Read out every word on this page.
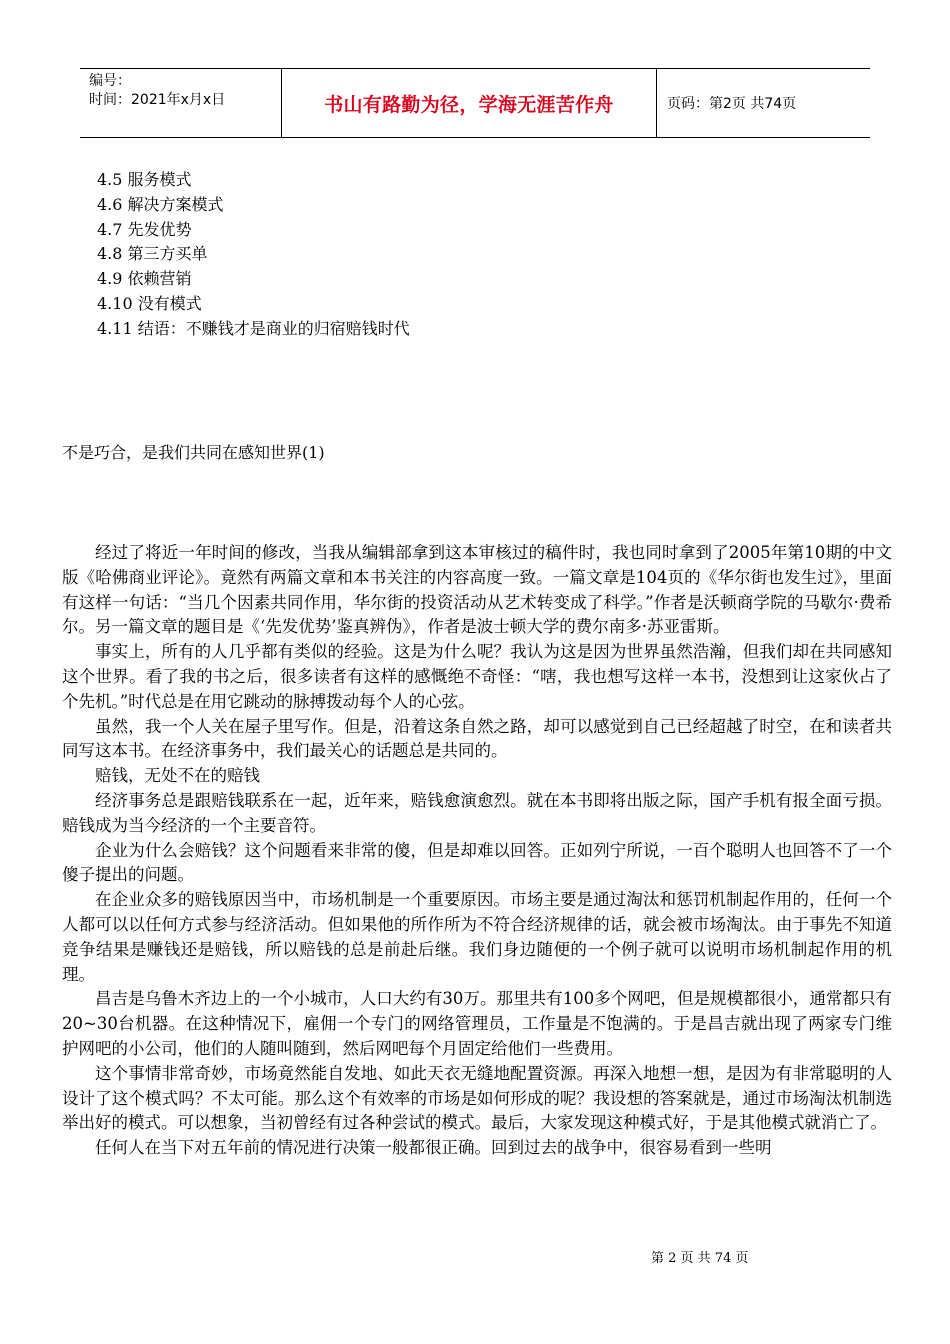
编号：
时间：2021年x月x日	书山有路勤为径，学海无涯苦作舟	页码：第2页 共74页
4.5 服务模式
4.6 解决方案模式
4.7 先发优势
4.8 第三方买单
4.9 依赖营销
4.10 没有模式
4.11 结语：不赚钱才是商业的归宿赔钱时代
不是巧合，是我们共同在感知世界(1)

经过了将近一年时间的修改，当我从编辑部拿到这本审核过的稿件时，我也同时拿到了2005年第10期的中文版《哈佛商业评论》。竟然有两篇文章和本书关注的内容高度一致。一篇文章是104页的《华尔街也发生过》，里面有这样一句话：“当几个因素共同作用，华尔街的投资活动从艺术转变成了科学。”作者是沃顿商学院的马歇尔·费希尔。另一篇文章的题目是《‘先发优势’鉴真辨伪》，作者是波士顿大学的费尔南多·苏亚雷斯。

事实上，所有的人几乎都有类似的经验。这是为什么呢？我认为这是因为世界虽然浩瀚，但我们却在共同感知这个世界。看了我的书之后，很多读者有这样的感慨绝不奇怪：“嗐，我也想写这样一本书，没想到让这家伙占了个先机。”时代总是在用它跳动的脉搏拨动每个人的心弦。

虽然，我一个人关在屋子里写作。但是，沿着这条自然之路，却可以感觉到自己已经超越了时空，在和读者共同写这本书。在经济事务中，我们最关心的话题总是共同的。

赔钱，无处不在的赔钱

经济事务总是跟赔钱联系在一起，近年来，赔钱愈演愈烈。就在本书即将出版之际，国产手机有报全面亏损。赔钱成为当今经济的一个主要音符。

企业为什么会赔钱？这个问题看来非常的傻，但是却难以回答。正如列宁所说，一百个聪明人也回答不了一个傻子提出的问题。

在企业众多的赔钱原因当中，市场机制是一个重要原因。市场主要是通过淘汰和惩罚机制起作用的，任何一个人都可以以任何方式参与经济活动。但如果他的所作所为不符合经济规律的话，就会被市场淘汰。由于事先不知道竞争结果是赚钱还是赔钱，所以赔钱的总是前赴后继。我们身边随便的一个例子就可以说明市场机制起作用的机理。

昌吉是乌鲁木齐边上的一个小城市，人口大约有30万。那里共有100多个网吧，但是规模都很小，通常都只有20~30台机器。在这种情况下，雇佣一个专门的网络管理员，工作量是不饱满的。于是昌吉就出现了两家专门维护网吧的小公司，他们的人随叫随到，然后网吧每个月固定给他们一些费用。

这个事情非常奇妙，市场竟然能自发地、如此天衣无缝地配置资源。再深入地想一想，是因为有非常聪明的人设计了这个模式吗？不太可能。那么这个有效率的市场是如何形成的呢？我设想的答案就是，通过市场淘汰机制选举出好的模式。可以想象，当初曾经有过各种尝试的模式。最后，大家发现这种模式好，于是其他模式就消亡了。

任何人在当下对五年前的情况进行决策一般都很正确。回到过去的战争中，很容易看到一些明

第 2 页 共 74 页
